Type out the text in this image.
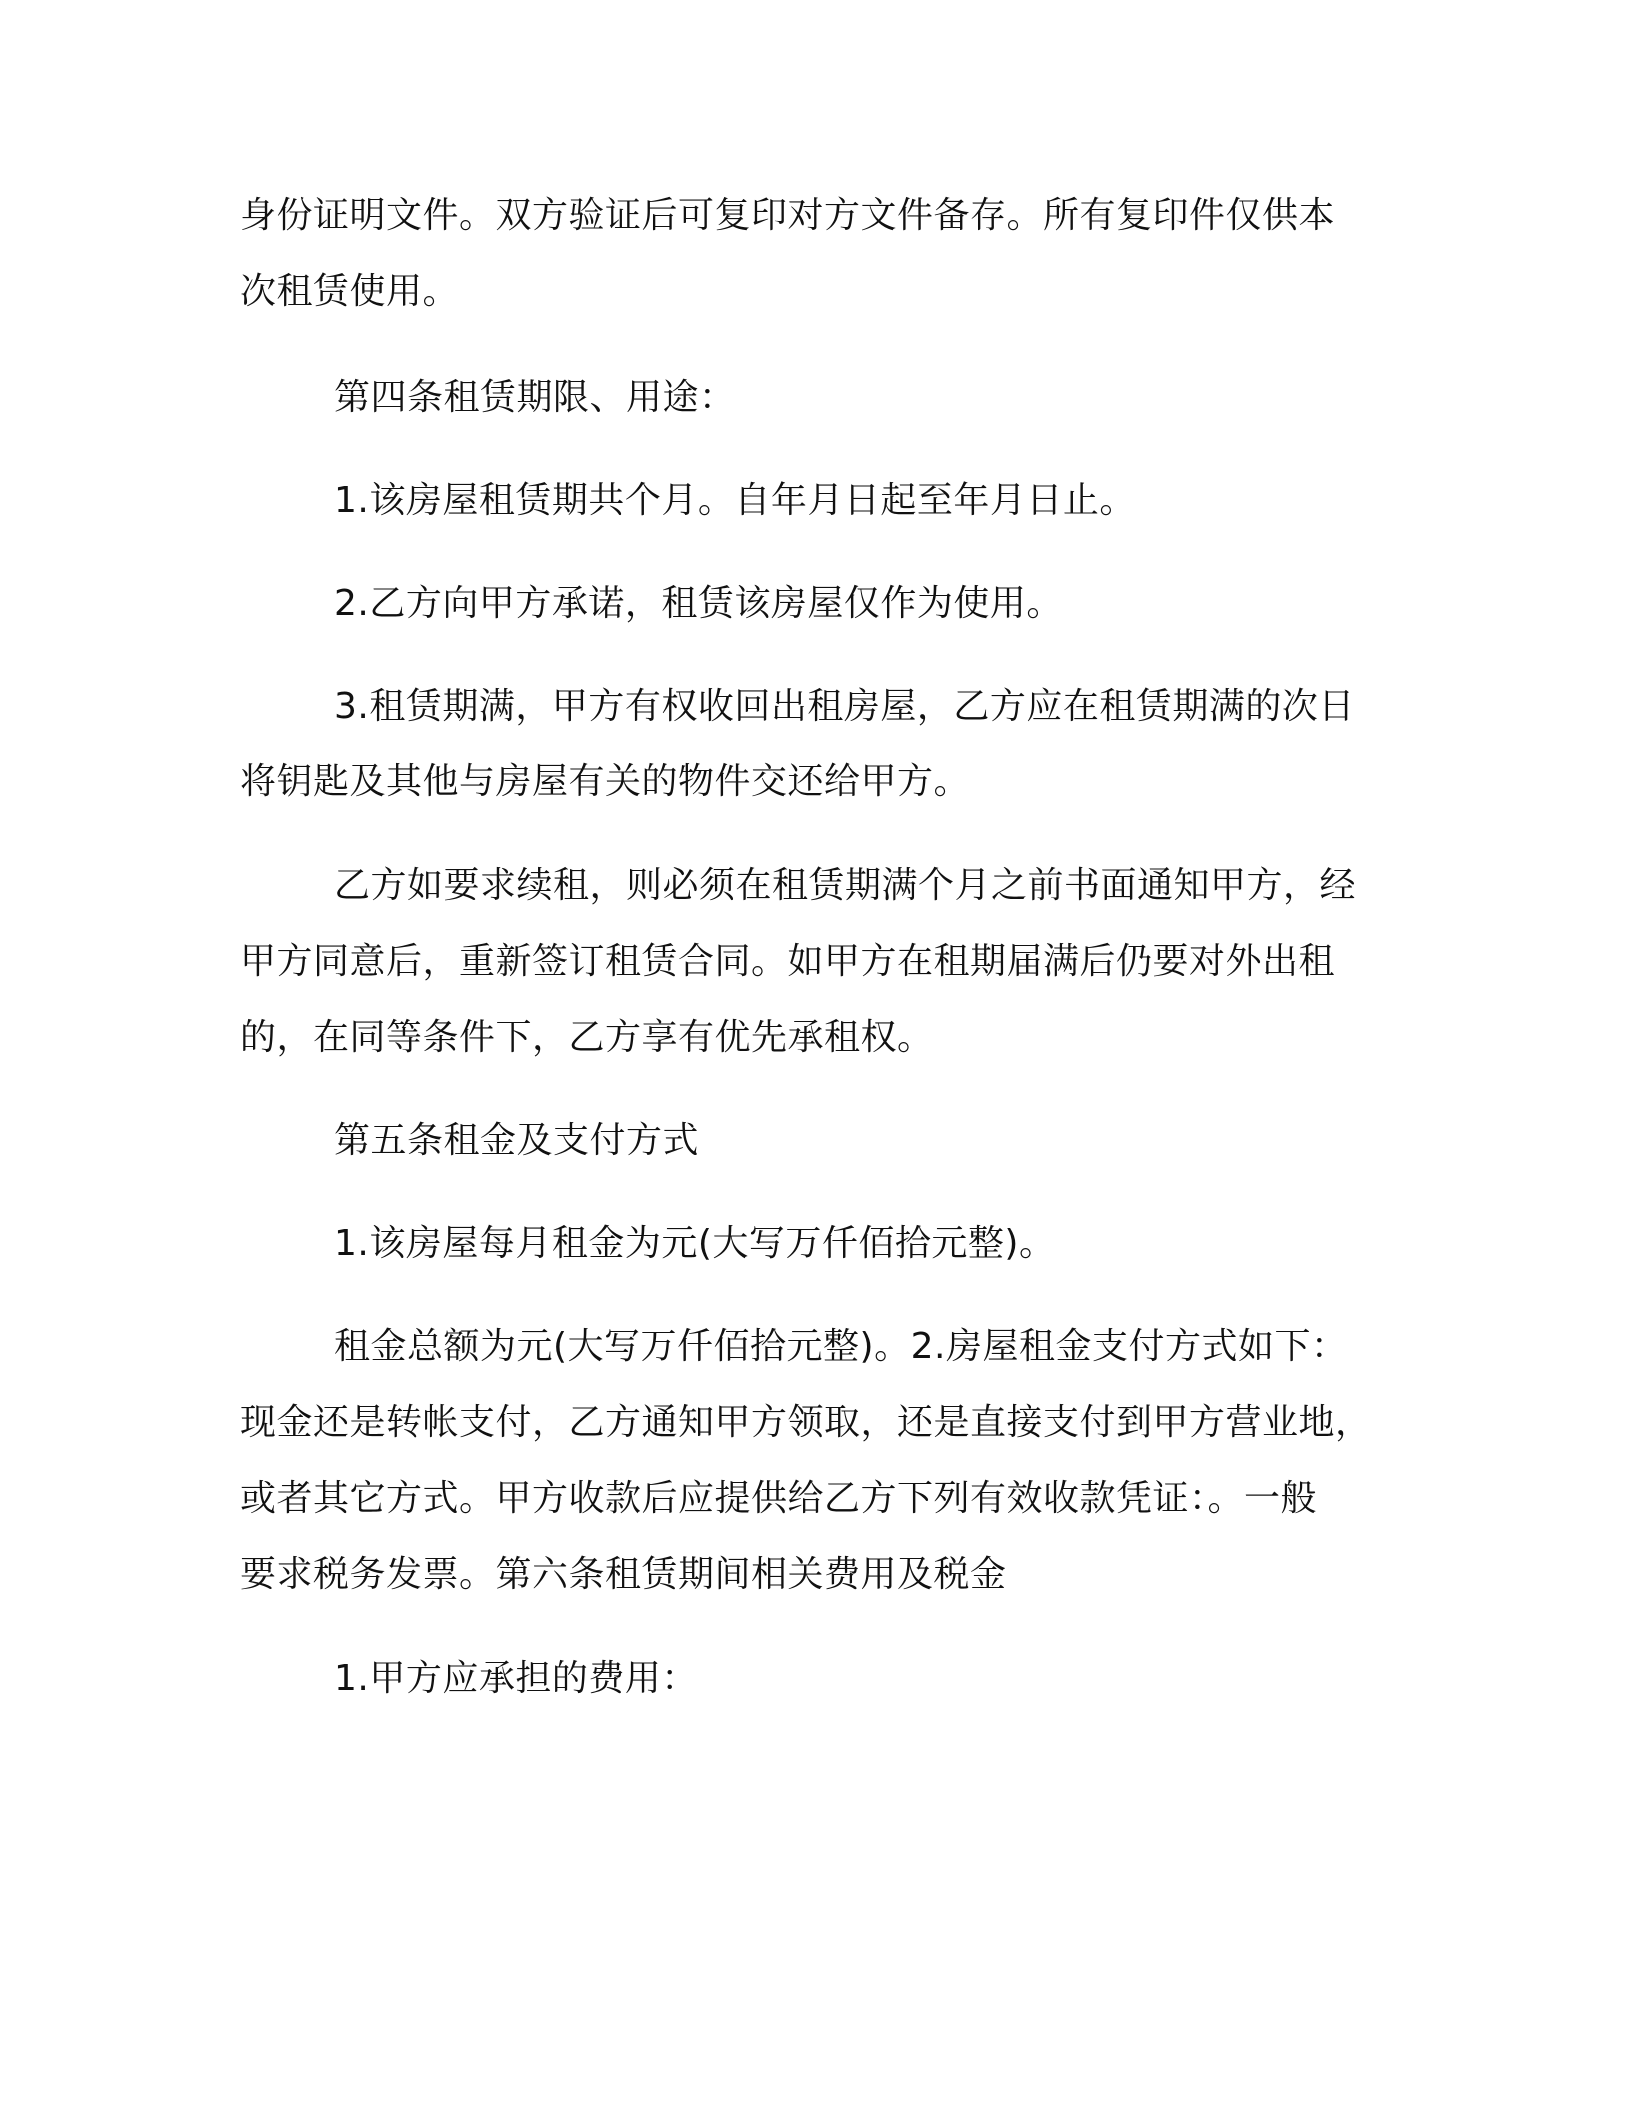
身份证明文件。双方验证后可复印对方文件备存。所有复印件仅供本
次租赁使用。
第四条租赁期限、用途：
1.该房屋租赁期共个月。自年月日起至年月日止。
2.乙方向甲方承诺，租赁该房屋仅作为使用。
3.租赁期满，甲方有权收回出租房屋，乙方应在租赁期满的次日
将钥匙及其他与房屋有关的物件交还给甲方。
乙方如要求续租，则必须在租赁期满个月之前书面通知甲方，经
甲方同意后，重新签订租赁合同。如甲方在租期届满后仍要对外出租
的，在同等条件下，乙方享有优先承租权。
第五条租金及支付方式
1.该房屋每月租金为元(大写万仟佰拾元整)。
租金总额为元(大写万仟佰拾元整)。2.房屋租金支付方式如下：
现金还是转帐支付，乙方通知甲方领取，还是直接支付到甲方营业地，
或者其它方式。甲方收款后应提供给乙方下列有效收款凭证：。一般
要求税务发票。第六条租赁期间相关费用及税金
1.甲方应承担的费用：
